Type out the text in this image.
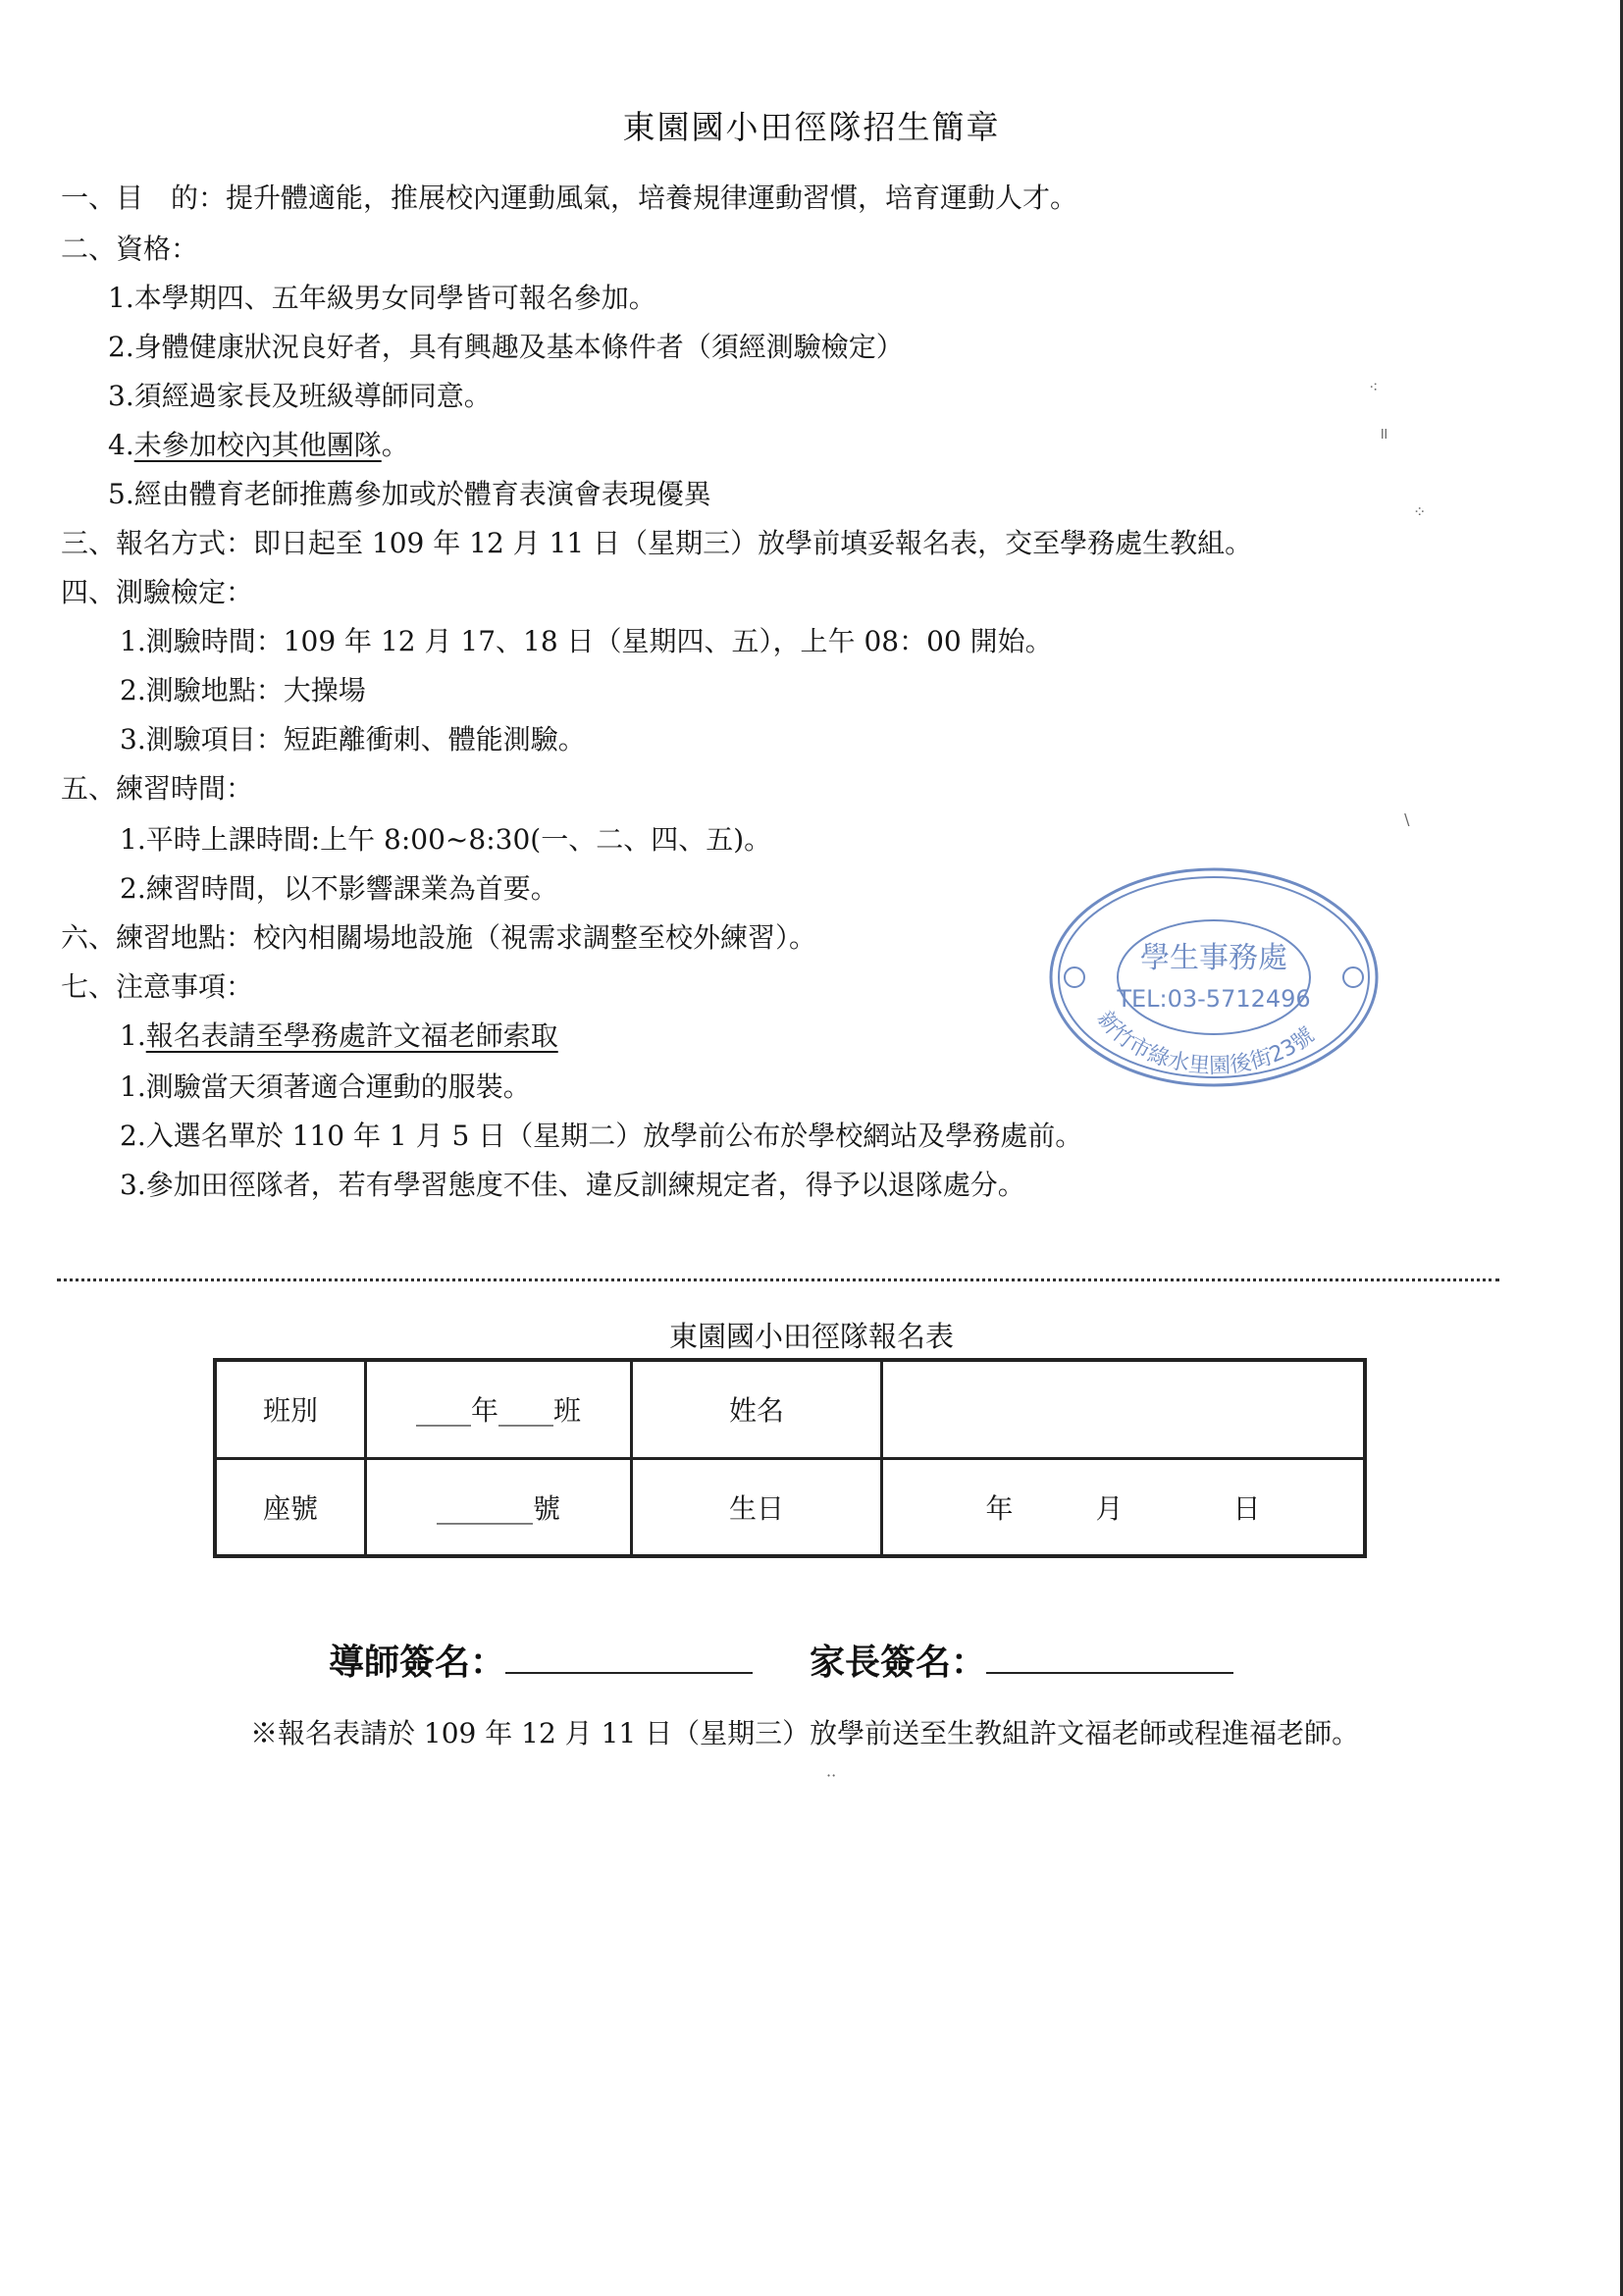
東園國小田徑隊招生簡章
一、目　的：提升體適能，推展校內運動風氣，培養規律運動習慣，培育運動人才。
二、資格：
1.本學期四、五年級男女同學皆可報名參加。
2.身體健康狀況良好者，具有興趣及基本條件者（須經測驗檢定）
3.須經過家長及班級導師同意。
4.未參加校內其他團隊。
5.經由體育老師推薦參加或於體育表演會表現優異
三、報名方式：即日起至 109 年 12 月 11 日（星期三）放學前填妥報名表，交至學務處生教組。
四、測驗檢定：
1.測驗時間：109 年 12 月 17、18 日（星期四、五），上午 08：00 開始。
2.測驗地點：大操場
3.測驗項目：短距離衝刺、體能測驗。
五、練習時間：
1.平時上課時間:上午 8:00~8:30(一、二、四、五)。
2.練習時間，以不影響課業為首要。
六、練習地點：校內相關場地設施（視需求調整至校外練習）。
七、注意事項：
1.報名表請至學務處許文福老師索取
1.測驗當天須著適合運動的服裝。
2.入選名單於 110 年 1 月 5 日（星期二）放學前公布於學校網站及學務處前。
3.參加田徑隊者，若有學習態度不佳、違反訓練規定者，得予以退隊處分。
新竹市綠水里園後街23號
學生事務處
TEL:03-5712496
東園國小田徑隊報名表
班別	____年____班	姓名	
座號	_______號	生日	年　　　月　　　　日
導師簽名：	家長簽名：
※報名表請於 109 年 12 月 11 日（星期三）放學前送至生教組許文福老師或程進福老師。
⁖
॥
⁘
∖
··
